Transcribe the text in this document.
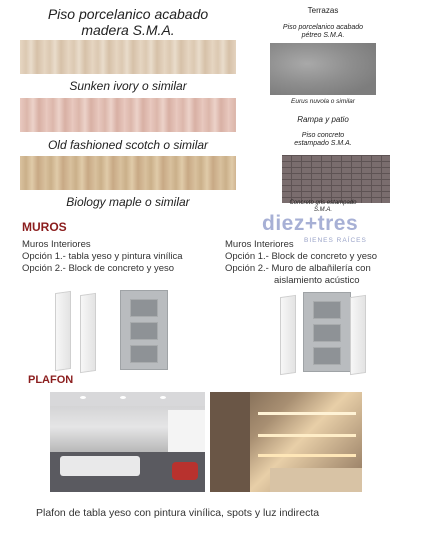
Piso porcelanico acabado
madera S.M.A.
Sunken ivory o similar
Old fashioned scotch o similar
Biology maple o similar
Terrazas
Piso porcelanico acabado
pétreo S.M.A.
Eurus nuvola o similar
Rampa y patio
Piso concreto
estampado S.M.A.
Concreto gris estampado
S.M.A.
diez+tres
BIENES RAÍCES
MUROS
Muros Interiores
Opción 1.- tabla yeso y pintura vinílica
Opción 2.- Block de concreto y yeso
Muros Interiores
Opción 1.- Block de concreto y yeso
Opción 2.- Muro de albañilería con
aislamiento acústico
PLAFON
Plafon de tabla yeso con pintura vinílica, spots y luz indirecta
